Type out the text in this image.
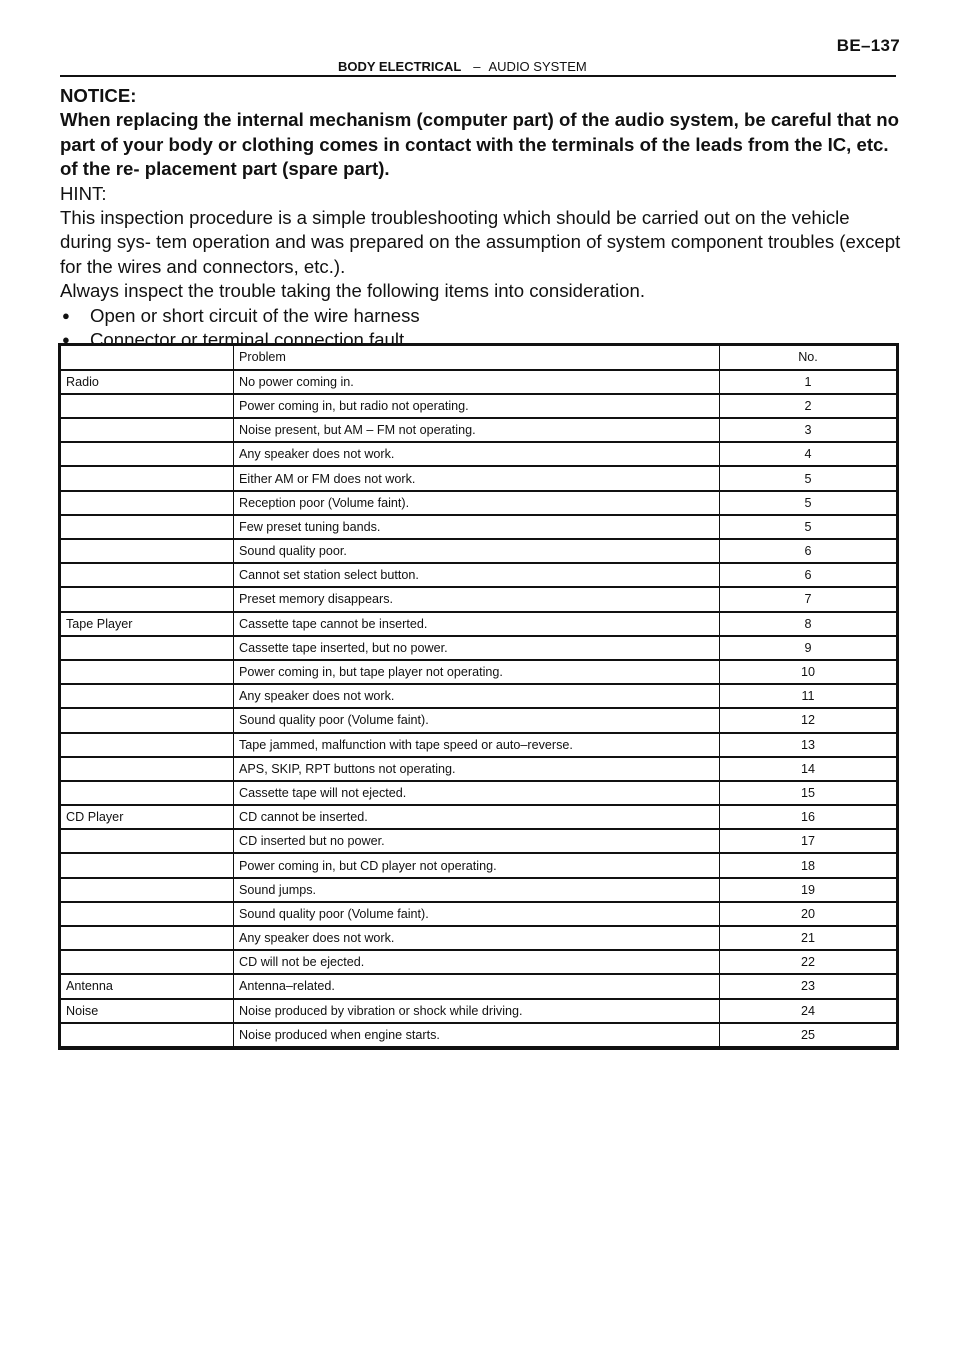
BE–137
BODY ELECTRICAL – AUDIO SYSTEM
NOTICE:
When replacing the internal mechanism (computer part) of the audio system, be careful that no part of your body or clothing comes in contact with the terminals of the leads from the IC, etc. of the re- placement part (spare part).
HINT:
This inspection procedure is a simple troubleshooting which should be carried out on the vehicle during sys- tem operation and was prepared on the assumption of system component troubles (except for the wires and connectors, etc.).
Always inspect the trouble taking the following items into consideration.
●	Open or short circuit of the wire harness
●	Connector or terminal connection fault
	Problem	No.
Radio	No power coming in.	1
	Power coming in, but radio not operating.	2
	Noise present, but AM – FM not operating.	3
	Any speaker does not work.	4
	Either AM or FM does not work.	5
	Reception poor (Volume faint).	5
	Few preset tuning bands.	5
	Sound quality poor.	6
	Cannot set station select button.	6
	Preset memory disappears.	7
Tape Player	Cassette tape cannot be inserted.	8
	Cassette tape inserted, but no power.	9
	Power coming in, but tape player not operating.	10
	Any speaker does not work.	11
	Sound quality poor (Volume faint).	12
	Tape jammed, malfunction with tape speed or auto–reverse.	13
	APS, SKIP, RPT buttons not operating.	14
	Cassette tape will not ejected.	15
CD Player	CD cannot be inserted.	16
	CD inserted but no power.	17
	Power coming in, but CD player not operating.	18
	Sound jumps.	19
	Sound quality poor (Volume faint).	20
	Any speaker does not work.	21
	CD will not be ejected.	22
Antenna	Antenna–related.	23
Noise	Noise produced by vibration or shock while driving.	24
	Noise produced when engine starts.	25
